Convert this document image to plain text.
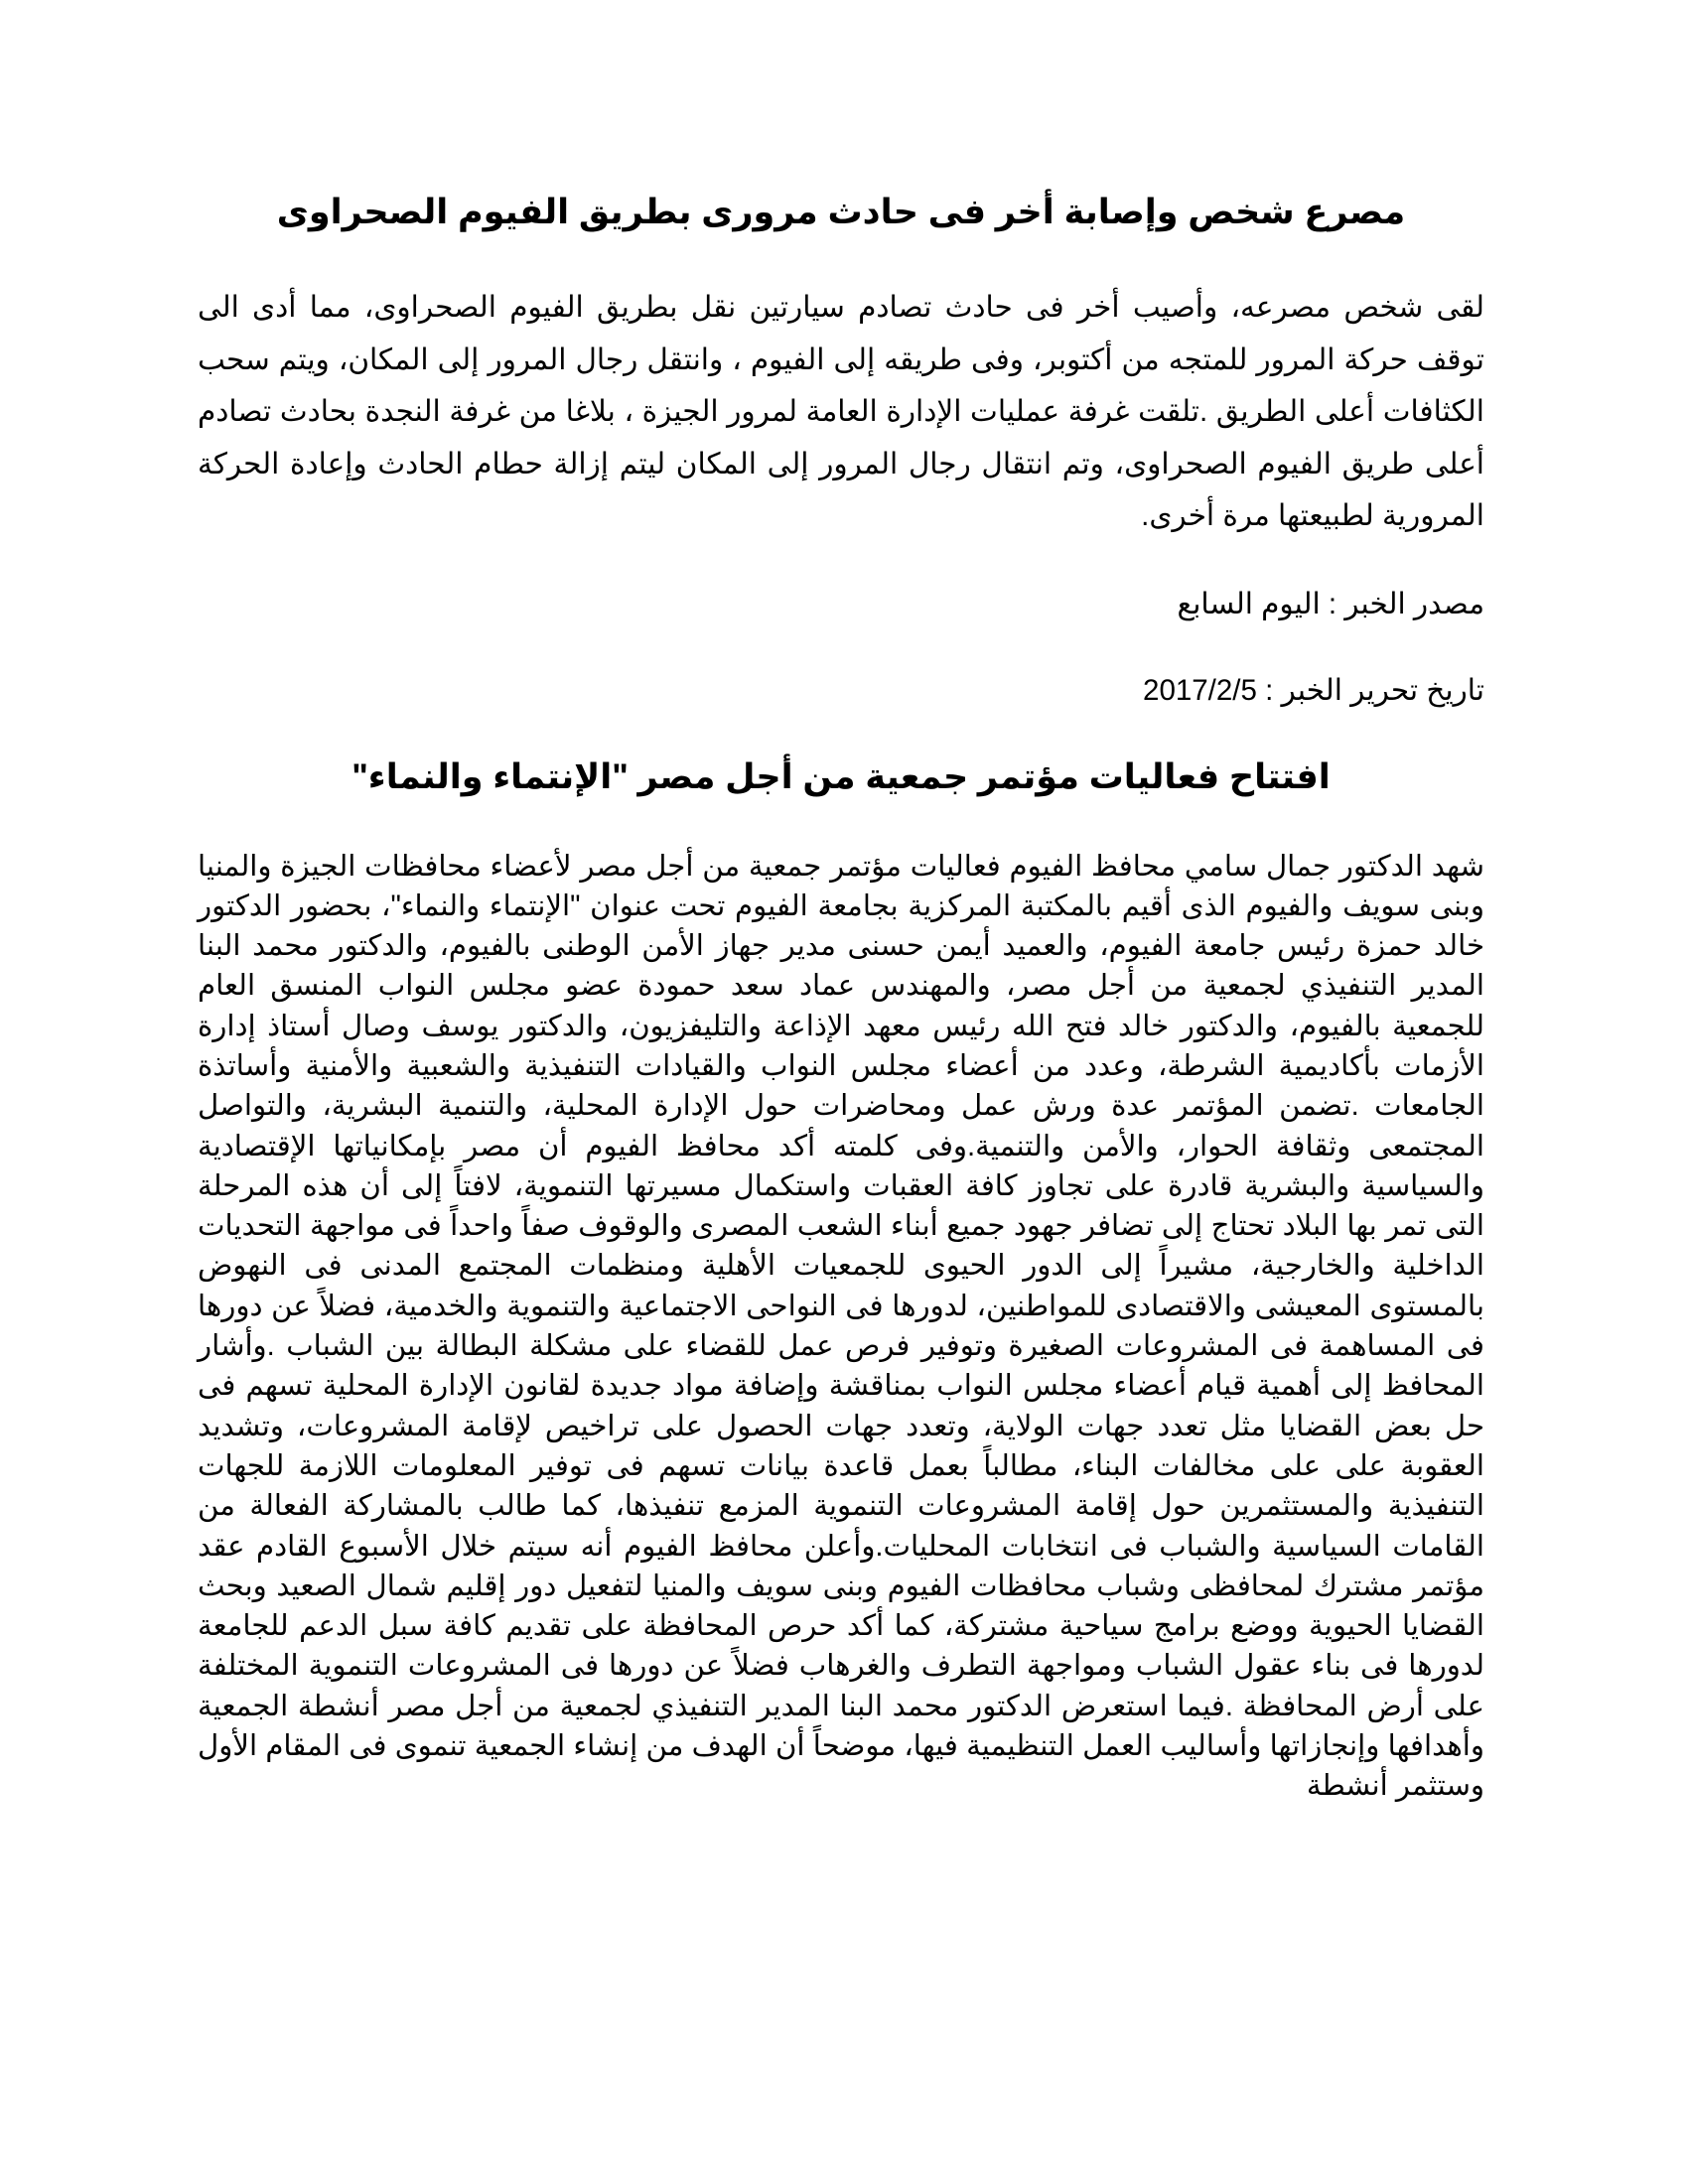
مصرع شخص وإصابة أخر فى حادث مرورى بطريق الفيوم الصحراوى

لقى شخص مصرعه، وأصيب أخر فى حادث تصادم سيارتين نقل بطريق الفيوم الصحراوى، مما أدى الى توقف حركة المرور للمتجه من أكتوبر، وفى طريقه إلى الفيوم ، وانتقل رجال المرور إلى المكان، ويتم سحب الكثافات أعلى الطريق .تلقت غرفة عمليات الإدارة العامة لمرور الجيزة ، بلاغا من غرفة النجدة بحادث تصادم أعلى طريق الفيوم الصحراوى، وتم انتقال رجال المرور إلى المكان ليتم إزالة حطام الحادث وإعادة الحركة المرورية لطبيعتها مرة أخرى.

مصدر الخبر : اليوم السابع

تاريخ تحرير الخبر : 2017/2/5

افتتاح فعاليات مؤتمر جمعية من أجل مصر "الإنتماء والنماء"

شهد الدكتور جمال سامي محافظ الفيوم فعاليات مؤتمر جمعية من أجل مصر لأعضاء محافظات الجيزة والمنيا وبنى سويف والفيوم الذى أقيم بالمكتبة المركزية بجامعة الفيوم تحت عنوان "الإنتماء والنماء"، بحضور الدكتور خالد حمزة رئيس جامعة الفيوم، والعميد أيمن حسنى مدير جهاز الأمن الوطنى بالفيوم، والدكتور محمد البنا المدير التنفيذي لجمعية من أجل مصر، والمهندس عماد سعد حمودة عضو مجلس النواب المنسق العام للجمعية بالفيوم، والدكتور خالد فتح الله رئيس معهد الإذاعة والتليفزيون، والدكتور يوسف وصال أستاذ إدارة الأزمات بأكاديمية الشرطة، وعدد من أعضاء مجلس النواب والقيادات التنفيذية والشعبية والأمنية وأساتذة الجامعات .تضمن المؤتمر عدة ورش عمل ومحاضرات حول الإدارة المحلية، والتنمية البشرية، والتواصل المجتمعى وثقافة الحوار، والأمن والتنمية.وفى كلمته أكد محافظ الفيوم أن مصر بإمكانياتها الإقتصادية والسياسية والبشرية قادرة على تجاوز كافة العقبات واستكمال مسيرتها التنموية، لافتاً إلى أن هذه المرحلة التى تمر بها البلاد تحتاج إلى تضافر جهود جميع أبناء الشعب المصرى والوقوف صفاً واحداً فى مواجهة التحديات الداخلية والخارجية، مشيراً إلى الدور الحيوى للجمعيات الأهلية ومنظمات المجتمع المدنى فى النهوض بالمستوى المعيشى والاقتصادى للمواطنين، لدورها فى النواحى الاجتماعية والتنموية والخدمية، فضلاً عن دورها فى المساهمة فى المشروعات الصغيرة وتوفير فرص عمل للقضاء على مشكلة البطالة بين الشباب .وأشار المحافظ إلى أهمية قيام أعضاء مجلس النواب بمناقشة وإضافة مواد جديدة لقانون الإدارة المحلية تسهم فى حل بعض القضايا مثل تعدد جهات الولاية، وتعدد جهات الحصول على تراخيص لإقامة المشروعات، وتشديد العقوبة على على مخالفات البناء، مطالباً بعمل قاعدة بيانات تسهم فى توفير المعلومات اللازمة للجهات التنفيذية والمستثمرين حول إقامة المشروعات التنموية المزمع تنفيذها، كما طالب بالمشاركة الفعالة من القامات السياسية والشباب فى انتخابات المحليات.وأعلن محافظ الفيوم أنه سيتم خلال الأسبوع القادم عقد مؤتمر مشترك لمحافظى وشباب محافظات الفيوم وبنى سويف والمنيا لتفعيل دور إقليم شمال الصعيد وبحث القضايا الحيوية ووضع برامج سياحية مشتركة، كما أكد حرص المحافظة على تقديم كافة سبل الدعم للجامعة لدورها فى بناء عقول الشباب ومواجهة التطرف والغرهاب فضلاً عن دورها فى المشروعات التنموية المختلفة على أرض المحافظة .فيما استعرض الدكتور محمد البنا المدير التنفيذي لجمعية من أجل مصر أنشطة الجمعية وأهدافها وإنجازاتها وأساليب العمل التنظيمية فيها، موضحاً أن الهدف من إنشاء الجمعية تنموى فى المقام الأول وستثمر أنشطة
